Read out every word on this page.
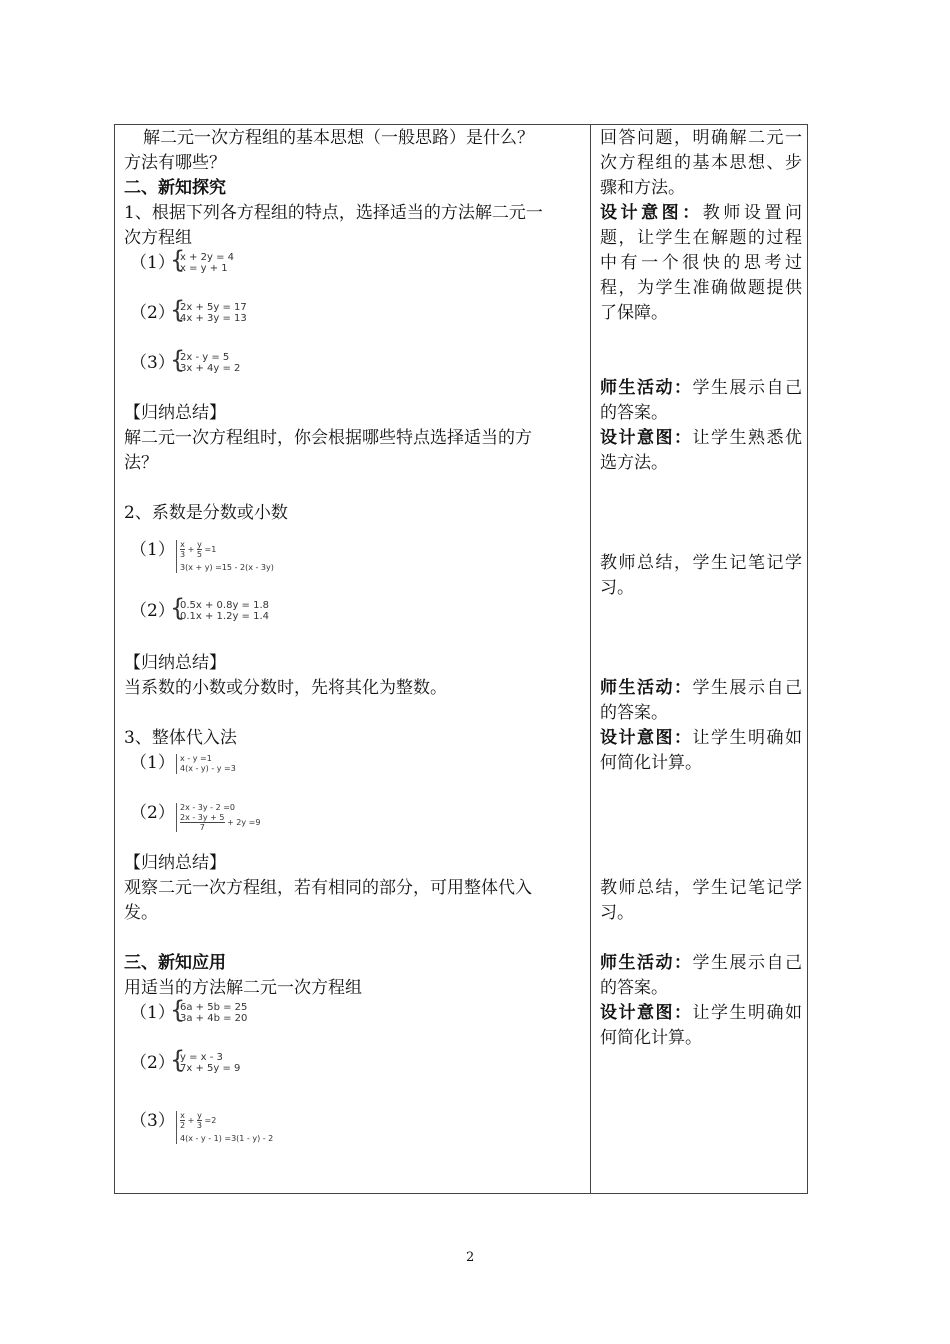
解二元一次方程组的基本思想（一般思路）是什么？
方法有哪些？
二、新知探究
1、根据下列各方程组的特点，选择适当的方法解二元一
次方程组
（1）
{
x + 2y = 4
x = y + 1
（2）
{
2x + 5y = 17
4x + 3y = 13
（3）
{
2x - y = 5
3x + 4y = 2
【归纳总结】
解二元一次方程组时，你会根据哪些特点选择适当的方
法？
2、系数是分数或小数
$(1) \frac{x}{3} + \frac{y}{5} =1$
3(x + y) =15 - 2(x - 3y)
（2）
{
0.5x + 0.8y = 1.8
0.1x + 1.2y = 1.4
【归纳总结】
当系数的小数或分数时，先将其化为整数。
3、整体代入法
（1） x - y =1
4(x - y) - y =3
（2） 2x - 3y - 2 =0
$\frac{2x - 3y + 5}{7} + 2y =9$
【归纳总结】
观察二元一次方程组，若有相同的部分，可用整体代入
发。
三、新知应用
用适当的方法解二元一次方程组
（1）
{
6a + 5b = 25
3a + 4b = 20
（2）
{
y = x - 3
7x + 5y = 9
$(3) \frac{x}{2} + \frac{y}{3} =2$
4(x - y - 1) =3(1 - y) - 2
回答问题，明确解二元一次方程组的基本思想、步骤和方法。
设计意图：教师设置问题，让学生在解题的过程中有一个很快的思考过程，为学生准确做题提供了保障。
师生活动：学生展示自己的答案。
设计意图：让学生熟悉优选方法。
教师总结，学生记笔记学习。
师生活动：学生展示自己的答案。
设计意图：让学生明确如何简化计算。
教师总结，学生记笔记学习。
师生活动：学生展示自己的答案。
设计意图：让学生明确如何简化计算。
2
